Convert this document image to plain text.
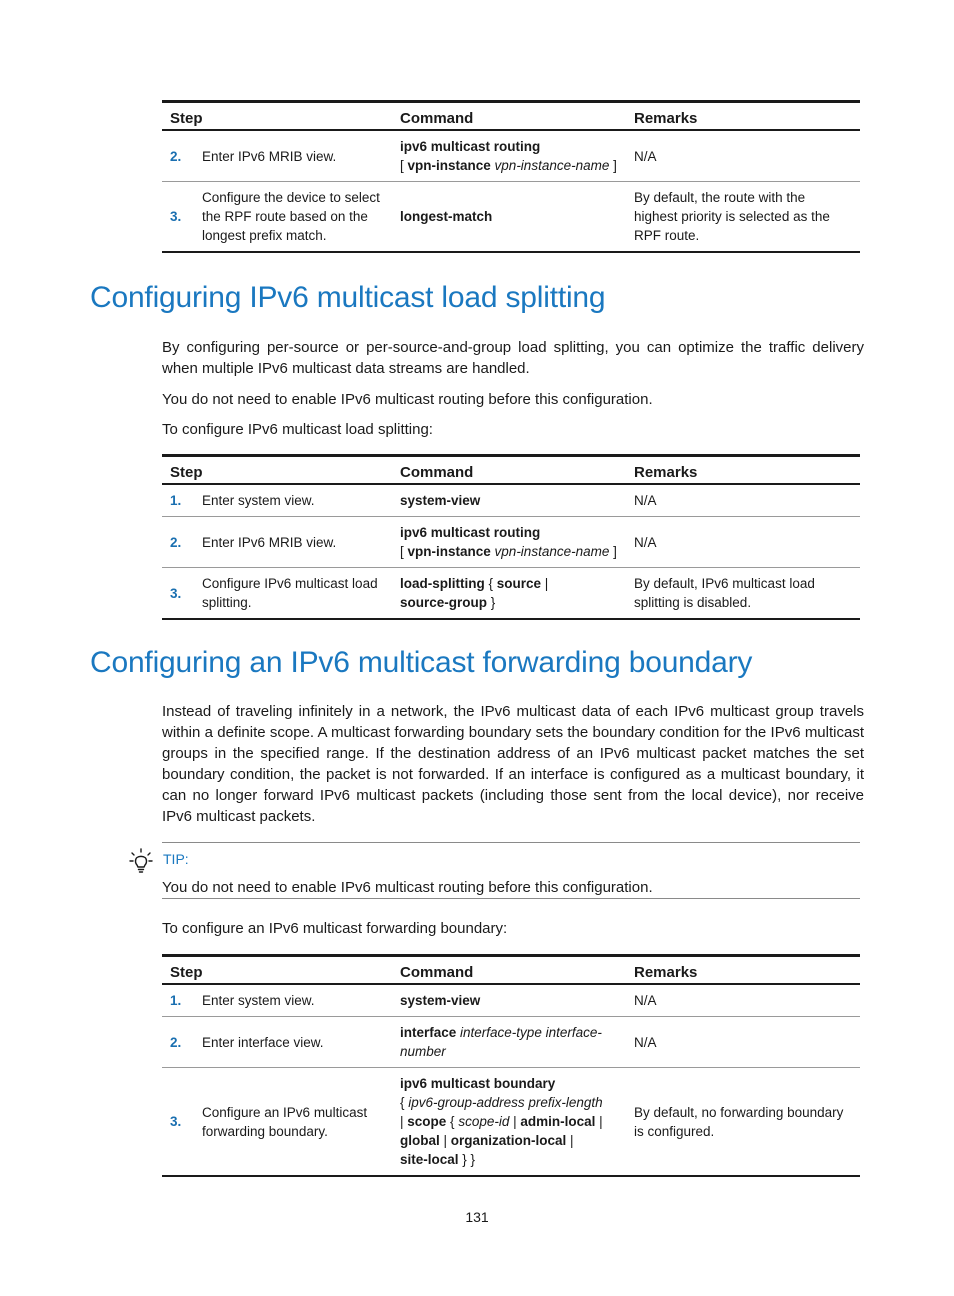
Step		Command	Remarks
2.	Enter IPv6 MRIB view.	ipv6 multicast routing
[ vpn-instance vpn-instance-name ]	N/A
3.	Configure the device to select the RPF route based on the longest prefix match.	longest-match	By default, the route with the highest priority is selected as the RPF route.
Configuring IPv6 multicast load splitting

By configuring per-source or per-source-and-group load splitting, you can optimize the traffic delivery when multiple IPv6 multicast data streams are handled.

You do not need to enable IPv6 multicast routing before this configuration.

To configure IPv6 multicast load splitting:

Step		Command	Remarks
1.	Enter system view.	system-view	N/A
2.	Enter IPv6 MRIB view.	ipv6 multicast routing
[ vpn-instance vpn-instance-name ]	N/A
3.	Configure IPv6 multicast load splitting.	load-splitting { source |
source-group }	By default, IPv6 multicast load splitting is disabled.
Configuring an IPv6 multicast forwarding boundary

Instead of traveling infinitely in a network, the IPv6 multicast data of each IPv6 multicast group travels within a definite scope. A multicast forwarding boundary sets the boundary condition for the IPv6 multicast groups in the specified range. If the destination address of an IPv6 multicast packet matches the set boundary condition, the packet is not forwarded. If an interface is configured as a multicast boundary, it can no longer forward IPv6 multicast packets (including those sent from the local device), nor receive IPv6 multicast packets.

TIP:

You do not need to enable IPv6 multicast routing before this configuration.

To configure an IPv6 multicast forwarding boundary:

Step		Command	Remarks
1.	Enter system view.	system-view	N/A
2.	Enter interface view.	interface interface-type interface-number	N/A
3.	Configure an IPv6 multicast forwarding boundary.	ipv6 multicast boundary
{ ipv6-group-address prefix-length
| scope { scope-id | admin-local |
global | organization-local |
site-local } }	By default, no forwarding boundary is configured.
131
